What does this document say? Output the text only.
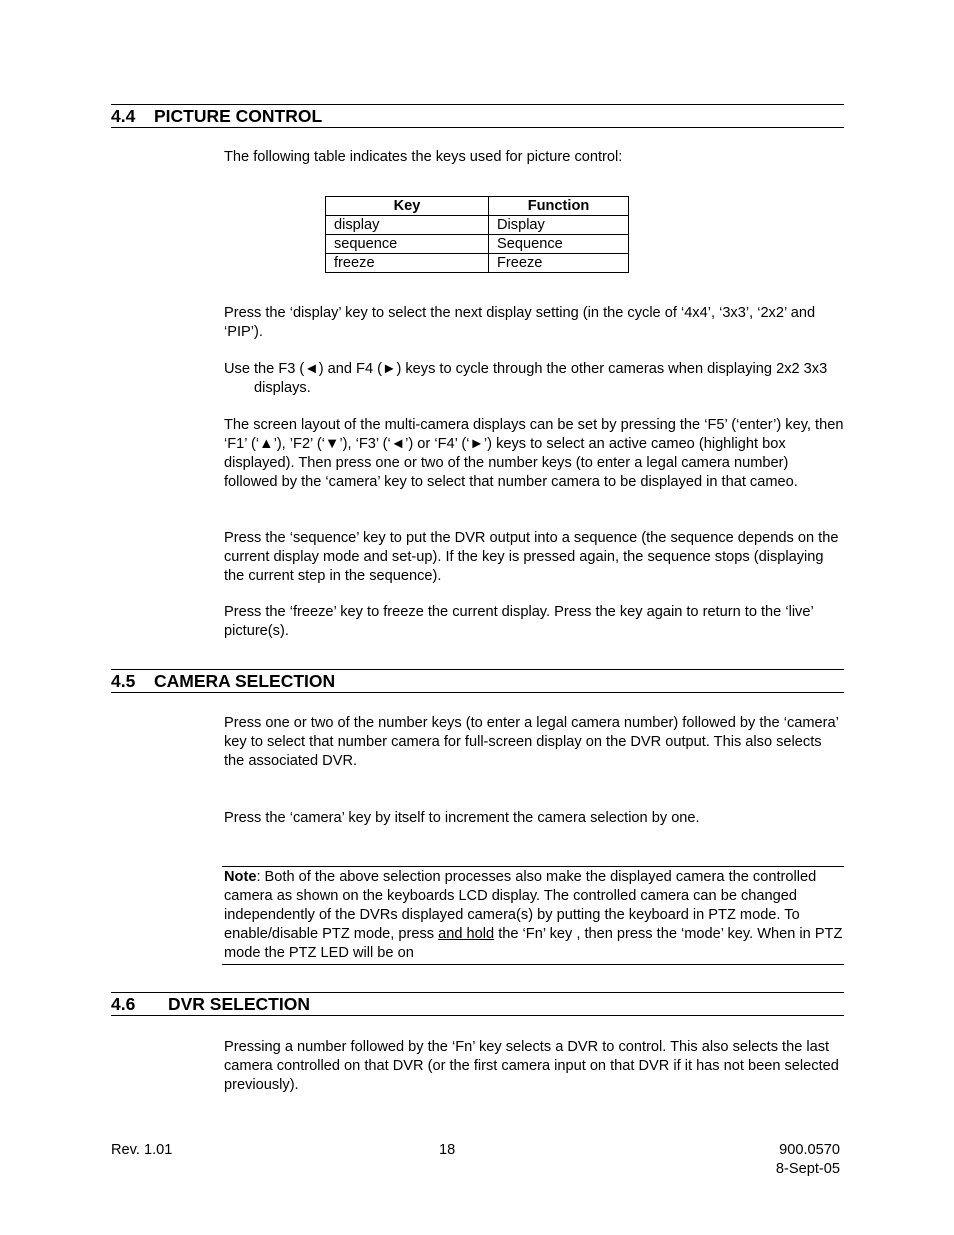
4.4 PICTURE CONTROL
The following table indicates the keys used for picture control:
Key	Function
display	Display
sequence	Sequence
freeze	Freeze
Press the ‘display’ key to select the next display setting (in the cycle of ‘4x4’, ‘3x3’, ‘2x2’ and ‘PIP’).
Use the F3 (◄) and F4 (►) keys to cycle through the other cameras when displaying 2x2 3x3 displays.
The screen layout of the multi-camera displays can be set by pressing the ‘F5’ (‘enter’) key, then ‘F1’ (‘▲’), ’F2’ (‘▼’), ‘F3’ (‘◄’) or ‘F4’ (‘►’) keys to select an active cameo (highlight box displayed). Then press one or two of the number keys (to enter a legal camera number) followed by the ‘camera’ key to select that number camera to be displayed in that cameo.
Press the ‘sequence’ key to put the DVR output into a sequence (the sequence depends on the current display mode and set-up). If the key is pressed again, the sequence stops (displaying the current step in the sequence).
Press the ‘freeze’ key to freeze the current display. Press the key again to return to the ‘live’ picture(s).
4.5 CAMERA SELECTION
Press one or two of the number keys (to enter a legal camera number) followed by the ‘camera’ key to select that number camera for full-screen display on the DVR output. This also selects the associated DVR.
Press the ‘camera’ key by itself to increment the camera selection by one.
Note: Both of the above selection processes also make the displayed camera the controlled camera as shown on the keyboards LCD display. The controlled camera can be changed independently of the DVRs displayed camera(s) by putting the keyboard in PTZ mode. To enable/disable PTZ mode, press and hold the ‘Fn’ key , then press the ‘mode’ key. When in PTZ mode the PTZ LED will be on
4.6 DVR SELECTION
Pressing a number followed by the ‘Fn’ key selects a DVR to control. This also selects the last camera controlled on that DVR (or the first camera input on that DVR if it has not been selected previously).
Rev. 1.01	18	900.0570
8-Sept-05
